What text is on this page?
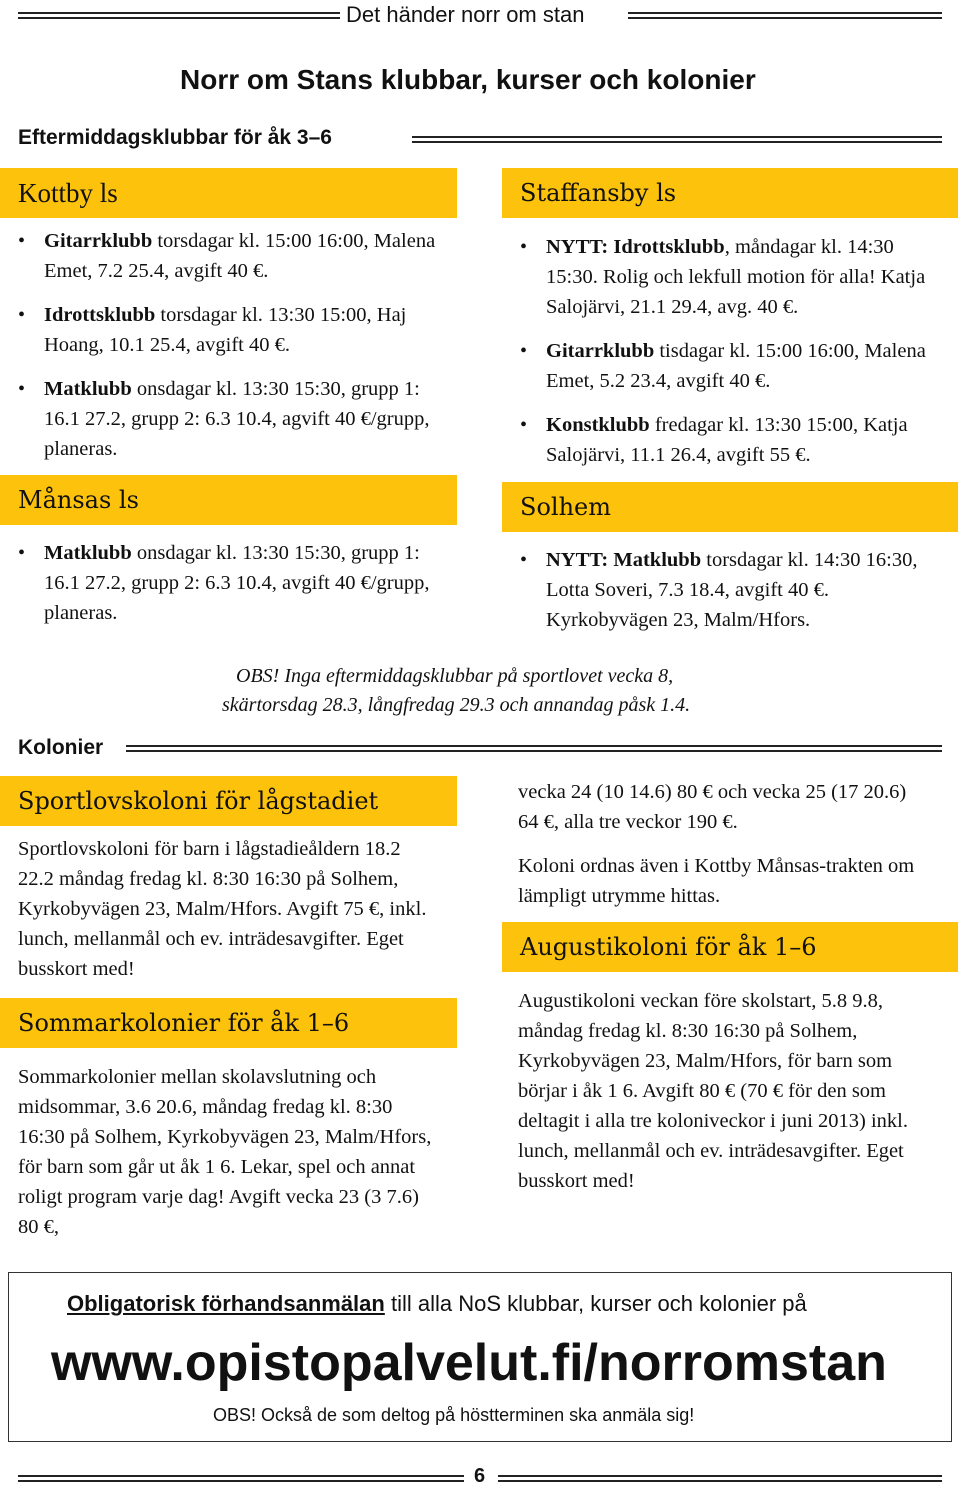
Det händer norr om stan
Norr om Stans klubbar, kurser och kolonier
Eftermiddagsklubbar för åk 3–6
Kottby ls
• Gitarrklubb torsdagar kl. 15:00 16:00, Malena Emet, 7.2 25.4, avgift 40 €.
• Idrottsklubb torsdagar kl. 13:30 15:00, Haj Hoang, 10.1 25.4, avgift 40 €.
• Matklubb onsdagar kl. 13:30 15:30, grupp 1: 16.1 27.2, grupp 2: 6.3 10.4, agvift 40 €/grupp, planeras.
Månsas ls
• Matklubb onsdagar kl. 13:30 15:30, grupp 1: 16.1 27.2, grupp 2: 6.3 10.4, avgift 40 €/grupp, planeras.
Staffansby ls
• NYTT: Idrottsklubb, måndagar kl. 14:30 15:30. Rolig och lekfull motion för alla! Katja Salojärvi, 21.1 29.4, avg. 40 €.
• Gitarrklubb tisdagar kl. 15:00 16:00, Malena Emet, 5.2 23.4, avgift 40 €.
• Konstklubb fredagar kl. 13:30 15:00, Katja Salojärvi, 11.1 26.4, avgift 55 €.
Solhem
• NYTT: Matklubb torsdagar kl. 14:30 16:30, Lotta Soveri, 7.3 18.4, avgift 40 €. Kyrkobyvägen 23, Malm/Hfors.
OBS! Inga eftermiddagsklubbar på sportlovet vecka 8,
skärtorsdag 28.3, långfredag 29.3 och annandag påsk 1.4.
Kolonier
Sportlovskoloni för lågstadiet
Sportlovskoloni för barn i lågstadieåldern 18.2 22.2 måndag fredag kl. 8:30 16:30 på Solhem, Kyrkobyvägen 23, Malm/Hfors. Avgift 75 €, inkl. lunch, mellanmål och ev. inträdesavgifter. Eget busskort med!
Sommarkolonier för åk 1–6
Sommarkolonier mellan skolavslutning och midsommar, 3.6 20.6, måndag fredag kl. 8:30 16:30 på Solhem, Kyrkobyvägen 23, Malm/Hfors, för barn som går ut åk 1 6. Lekar, spel och annat roligt program varje dag! Avgift vecka 23 (3 7.6) 80 €,
vecka 24 (10 14.6) 80 € och vecka 25 (17 20.6) 64 €, alla tre veckor 190 €.
Koloni ordnas även i Kottby Månsas-trakten om lämpligt utrymme hittas.
Augustikoloni för åk 1–6
Augustikoloni veckan före skolstart, 5.8 9.8, måndag fredag kl. 8:30 16:30 på Solhem, Kyrkobyvägen 23, Malm/Hfors, för barn som börjar i åk 1 6. Avgift 80 € (70 € för den som deltagit i alla tre koloniveckor i juni 2013) inkl. lunch, mellanmål och ev. inträdesavgifter. Eget busskort med!
Obligatorisk förhandsanmälan till alla NoS klubbar, kurser och kolonier på
www.opistopalvelut.fi/norromstan
OBS! Också de som deltog på höstterminen ska anmäla sig!
6
